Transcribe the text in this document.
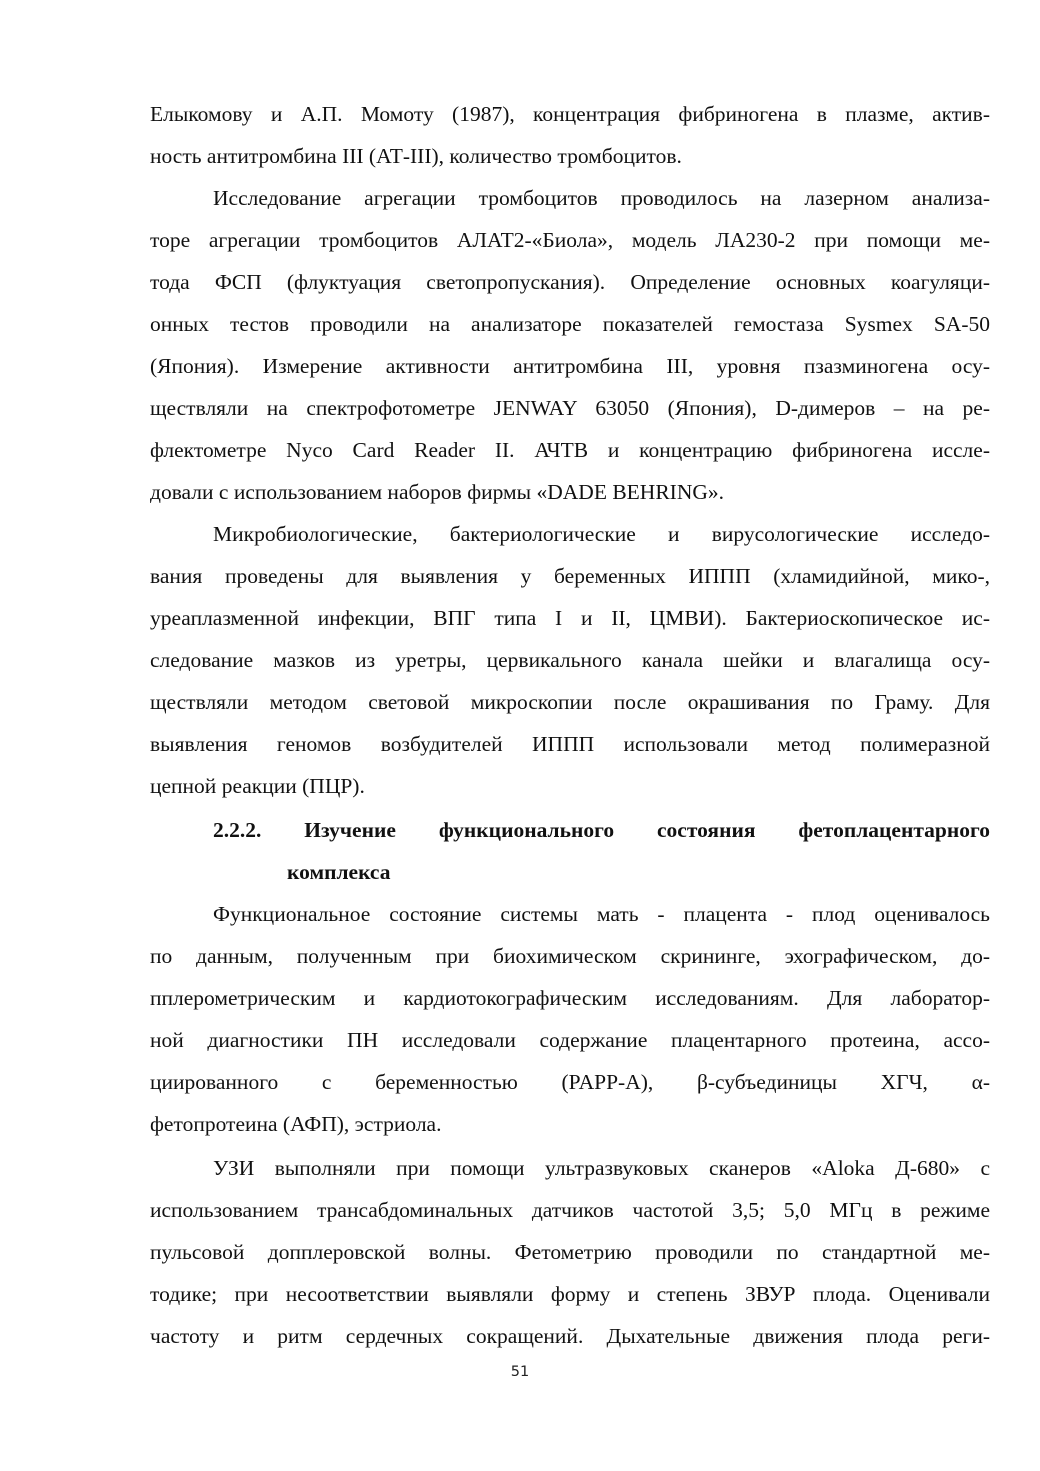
Елыкомову и А.П. Момоту (1987), концентрация фибриногена в плазме, актив-
ность антитромбина III (АТ-III), количество тромбоцитов.
Исследование агрегации тромбоцитов проводилось на лазерном анализа-
торе агрегации тромбоцитов АЛАТ2-«Биола», модель ЛА230-2 при помощи ме-
тода ФСП (флуктуация светопропускания). Определение основных коагуляци-
онных тестов проводили на анализаторе показателей гемостаза Sysmex SA-50
(Япония). Измерение активности антитромбина III, уровня пзазминогена осу-
ществляли на спектрофотометре JENWAY 63050 (Япония), D-димеров – на ре-
флектометре Nyco Card Reader II. АЧТВ и концентрацию фибриногена иссле-
довали с использованием наборов фирмы «DADE BEHRING».
Микробиологические, бактериологические и вирусологические исследо-
вания проведены для выявления у беременных ИППП (хламидийной, мико-,
уреаплазменной инфекции, ВПГ типа I и II, ЦМВИ). Бактериоскопическое ис-
следование мазков из уретры, цервикального канала шейки и влагалища осу-
ществляли методом световой микроскопии после окрашивания по Граму. Для
выявления геномов возбудителей ИППП использовали метод полимеразной
цепной реакции (ПЦР).
2.2.2. Изучение функционального состояния фетоплацентарного
комплекса
Функциональное состояние системы мать - плацента - плод оценивалось
по данным, полученным при биохимическом скрининге, эхографическом, до-
пплерометрическим и кардиотокографическим исследованиям. Для лаборатор-
ной диагностики ПН исследовали содержание плацентарного протеина, ассо-
циированного с беременностью (PAPP-A), β-субъединицы ХГЧ, α-
фетопротеина (АФП), эстриола.
УЗИ выполняли при помощи ультразвуковых сканеров «Aloka Д-680» с
использованием трансабдоминальных датчиков частотой 3,5; 5,0 МГц в режиме
пульсовой допплеровской волны. Фетометрию проводили по стандартной ме-
тодике; при несоответствии выявляли форму и степень ЗВУР плода. Оценивали
частоту и ритм сердечных сокращений. Дыхательные движения плода реги-
51
